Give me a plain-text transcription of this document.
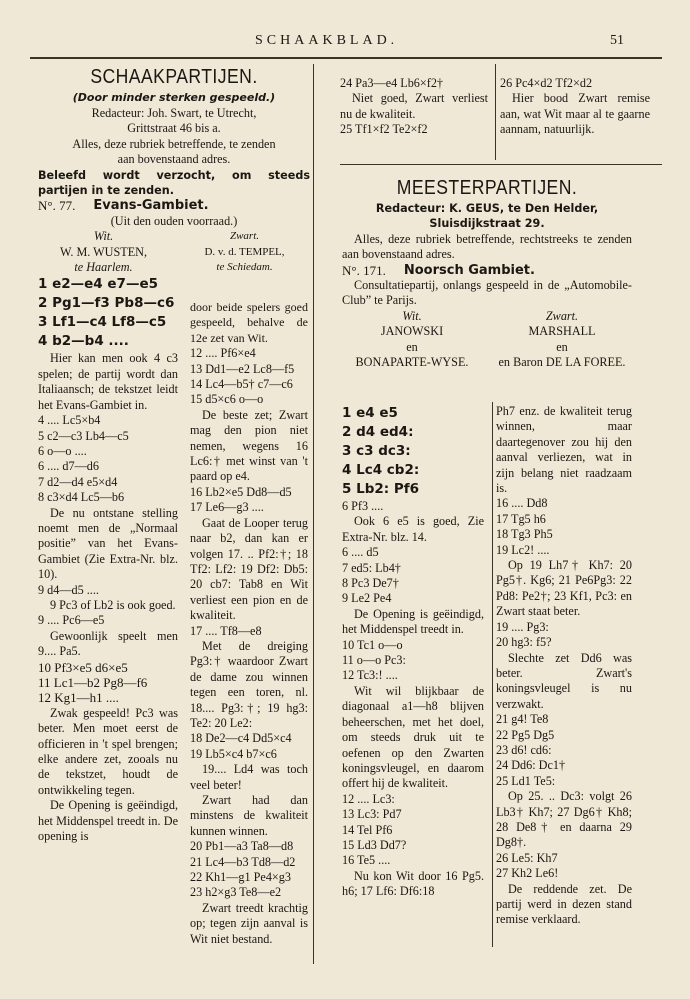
SCHAAKBLAD.	51
SCHAAKPARTIJEN.
(Door minder sterken gespeeld.)

Redacteur: Joh. Swart, te Utrecht,

Grittstraat 46 bis a.

Alles, deze rubriek betreffende, te zenden

aan bovenstaand adres.

Beleefd wordt verzocht, om steeds partijen in te zenden.

N°. 77. Evans-Gambiet.

(Uit den ouden voorraad.)

Wit.
W. M. WUSTEN,
te Haarlem.
Zwart.
D. v. d. TEMPEL,
te Schiedam.
1 e2—e4 e7—e5
2 Pg1—f3 Pb8—c6
3 Lf1—c4 Lf8—c5
4 b2—b4 ....

Hier kan men ook 4 c3 spelen; de partij wordt dan Italiaansch; de tekstzet leidt het Evans-Gambiet in.

4 .... Lc5×b4
5 c2—c3 Lb4—c5
6 o—o ....
6 .... d7—d6
7 d2—d4 e5×d4
8 c3×d4 Lc5—b6

De nu ontstane stelling noemt men de „Normaal positie” van het Evans-Gambiet (Zie Extra-Nr. blz. 10).

9 d4—d5 ....

9 Pc3 of Lb2 is ook goed.

9 .... Pc6—e5

Gewoonlijk speelt men 9.... Pa5.

10 Pf3×e5 d6×e5
11 Lc1—b2 Pg8—f6
12 Kg1—h1 ....

Zwak gespeeld! Pc3 was beter. Men moet eerst de officieren in 't spel brengen; elke andere zet, zooals nu de tekstzet, houdt de ontwikkeling tegen.

De Opening is geëindigd, het Middenspel treedt in. De opening is

door beide spelers goed gespeeld, behalve de 12e zet van Wit.

12 .... Pf6×e4
13 Dd1—e2 Lc8—f5
14 Lc4—b5† c7—c6
15 d5×c6 o—o

De beste zet; Zwart mag den pion niet nemen, wegens 16 Lc6:† met winst van 't paard op e4.

16 Lb2×e5 Dd8—d5
17 Le6—g3 ....

Gaat de Looper terug naar b2, dan kan er volgen 17. .. Pf2:†; 18 Tf2: Lf2: 19 Df2: Db5: 20 cb7: Tab8 en Wit verliest een pion en de kwaliteit.

17 .... Tf8—e8

Met de dreiging Pg3:† waardoor Zwart de dame zou winnen tegen een toren, nl. 18.... Pg3:†; 19 hg3: Te2: 20 Le2:

18 De2—c4 Dd5×c4
19 Lb5×c4 b7×c6

19.... Ld4 was toch veel beter!

Zwart had dan minstens de kwaliteit kunnen winnen.

20 Pb1—a3 Ta8—d8
21 Lc4—b3 Td8—d2
22 Kh1—g1 Pe4×g3
23 h2×g3 Te8—e2

Zwart treedt krachtig op; tegen zijn aanval is Wit niet bestand.

24 Pa3—e4 Lb6×f2†

Niet goed, Zwart verliest nu de kwaliteit.

25 Tf1×f2 Te2×f2
26 Pc4×d2 Tf2×d2

Hier bood Zwart remise aan, wat Wit maar al te gaarne aannam, natuurlijk.

MEESTERPARTIJEN.

Redacteur: K. GEUS, te Den Helder, Sluisdijkstraat 29.

Alles, deze rubriek betreffende, rechtstreeks te zenden aan bovenstaand adres.

N°. 171. Noorsch Gambiet.

Consultatiepartij, onlangs gespeeld in de „Automobile-Club” te Parijs.

Wit.
JANOWSKI
en
BONAPARTE-WYSE.
Zwart.
MARSHALL
en
en Baron DE LA FOREE.
1 e4 e5
2 d4 ed4:
3 c3 dc3:
4 Lc4 cb2:
5 Lb2: Pf6
6 Pf3 ....

Ook 6 e5 is goed, Zie Extra-Nr. blz. 14.

6 .... d5
7 ed5: Lb4†
8 Pc3 De7†
9 Le2 Pe4

De Opening is geëindigd, het Middenspel treedt in.

10 Tc1 o—o
11 o—o Pc3:
12 Tc3:! ....

Wit wil blijkbaar de diagonaal a1—h8 blijven beheerschen, met het doel, om steeds druk uit te oefenen op den Zwarten koningsvleugel, en daarom offert hij de kwaliteit.

12 .... Lc3:
13 Lc3: Pd7
14 Tel Pf6
15 Ld3 Dd7?
16 Te5 ....

Nu kon Wit door 16 Pg5. h6; 17 Lf6: Df6:18

Ph7 enz. de kwaliteit terug winnen, maar daartegenover zou hij den aanval verliezen, wat in zijn belang niet raadzaam is.

16 .... Dd8
17 Tg5 h6
18 Tg3 Ph5
19 Lc2! ....

Op 19 Lh7† Kh7: 20 Pg5†. Kg6; 21 Pe6Pg3: 22 Pd8: Pe2†; 23 Kf1, Pc3: en Zwart staat beter.

19 .... Pg3:
20 hg3: f5?

Slechte zet Dd6 was beter. Zwart's koningsvleugel is nu verzwakt.

21 g4! Te8
22 Pg5 Dg5
23 d6! cd6:
24 Dd6: Dc1†
25 Ld1 Te5:

Op 25. .. Dc3: volgt 26 Lb3† Kh7; 27 Dg6† Kh8; 28 De8† en daarna 29 Dg8†.

26 Le5: Kh7
27 Kh2 Le6!

De reddende zet. De partij werd in dezen stand remise verklaard.
